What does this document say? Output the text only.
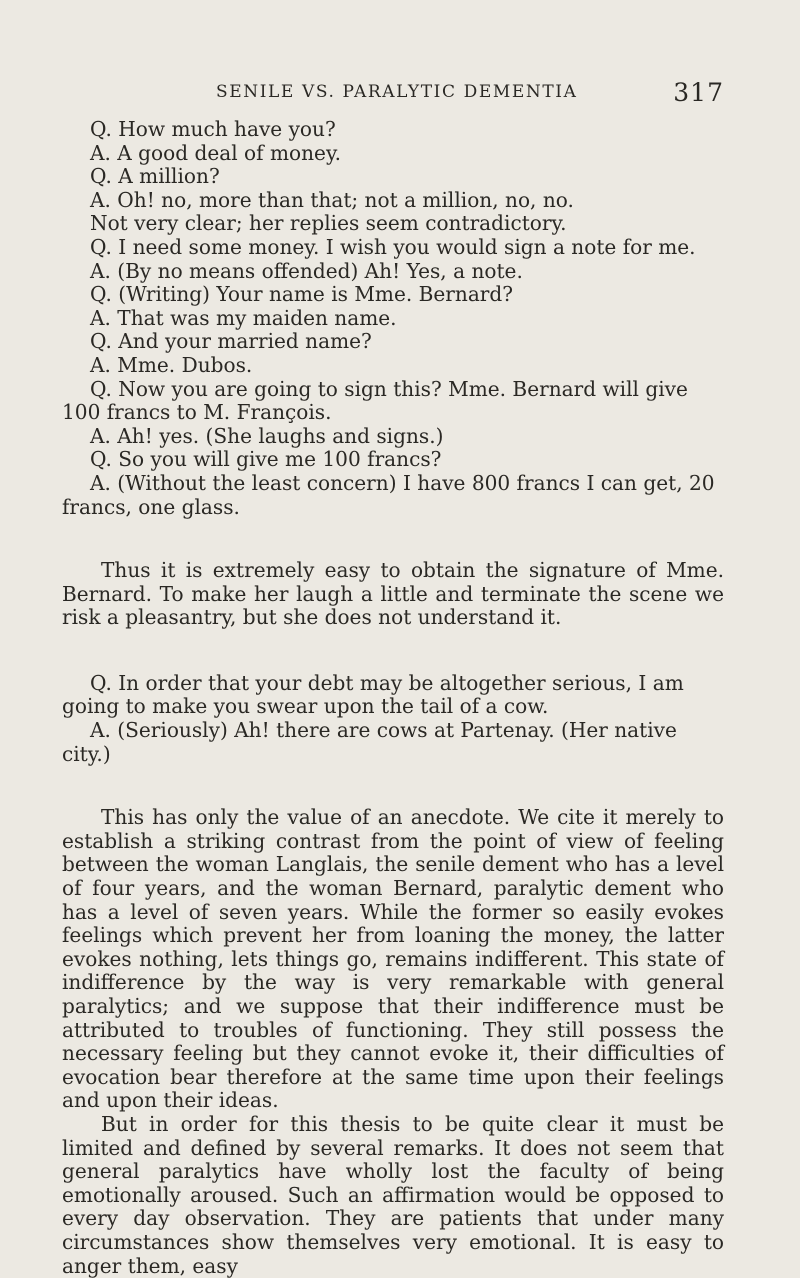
SENILE VS. PARALYTIC DEMENTIA	317

Q. How much have you?

A. A good deal of money.

Q. A million?

A. Oh! no, more than that; not a million, no, no.

Not very clear; her replies seem contradictory.

Q. I need some money. I wish you would sign a note for me.

A. (By no means offended) Ah! Yes, a note.

Q. (Writing) Your name is Mme. Bernard?

A. That was my maiden name.

Q. And your married name?

A. Mme. Dubos.

Q. Now you are going to sign this? Mme. Bernard will give 100 francs to M. François.

A. Ah! yes. (She laughs and signs.)

Q. So you will give me 100 francs?

A. (Without the least concern) I have 800 francs I can get, 20 francs, one glass.

Thus it is extremely easy to obtain the signature of Mme. Bernard. To make her laugh a little and terminate the scene we risk a pleasantry, but she does not understand it.

Q. In order that your debt may be altogether serious, I am going to make you swear upon the tail of a cow.

A. (Seriously) Ah! there are cows at Partenay. (Her native city.)

This has only the value of an anecdote. We cite it merely to establish a striking contrast from the point of view of feeling between the woman Langlais, the senile dement who has a level of four years, and the woman Bernard, paralytic dement who has a level of seven years. While the former so easily evokes feelings which prevent her from loaning the money, the latter evokes nothing, lets things go, remains indifferent. This state of indifference by the way is very remarkable with general paralytics; and we suppose that their indifference must be attributed to troubles of functioning. They still possess the necessary feeling but they cannot evoke it, their difficulties of evocation bear therefore at the same time upon their feelings and upon their ideas.

But in order for this thesis to be quite clear it must be limited and defined by several remarks. It does not seem that general paralytics have wholly lost the faculty of being emotionally aroused. Such an affirmation would be opposed to every day observation. They are patients that under many circumstances show themselves very emotional. It is easy to anger them, easy
